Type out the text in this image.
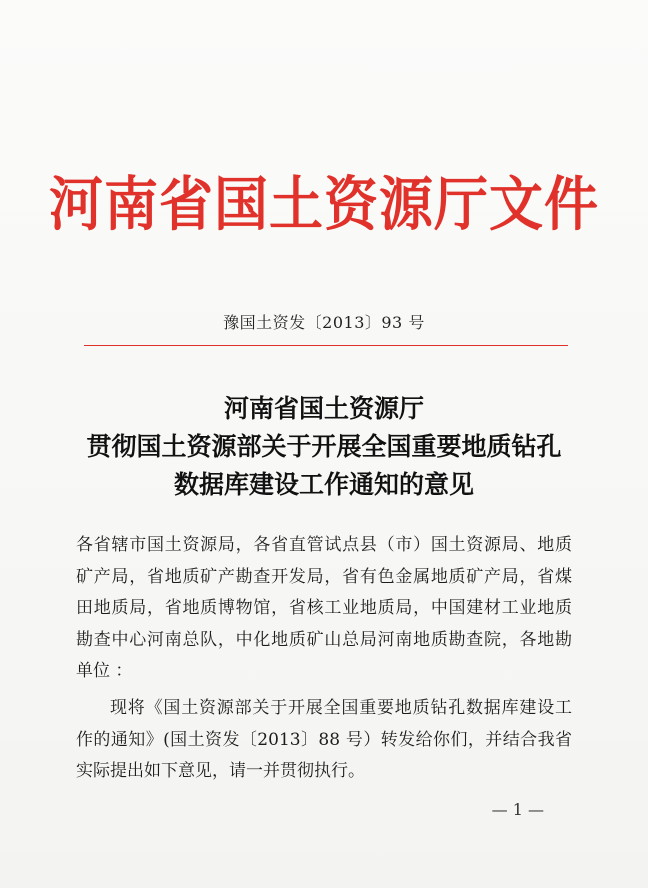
河南省国土资源厅文件
豫国土资发〔2013〕93 号
河南省国土资源厅
贯彻国土资源部关于开展全国重要地质钻孔
数据库建设工作通知的意见
各省辖市国土资源局，各省直管试点县（市）国土资源局、地质
矿产局，省地质矿产勘查开发局，省有色金属地质矿产局，省煤
田地质局，省地质博物馆，省核工业地质局，中国建材工业地质
勘查中心河南总队，中化地质矿山总局河南地质勘查院，各地勘
单位 ：
现将《国土资源部关于开展全国重要地质钻孔数据库建设工
作的通知》(国土资发〔2013〕88 号）转发给你们，并结合我省
实际提出如下意见，请一并贯彻执行。
— 1 —
